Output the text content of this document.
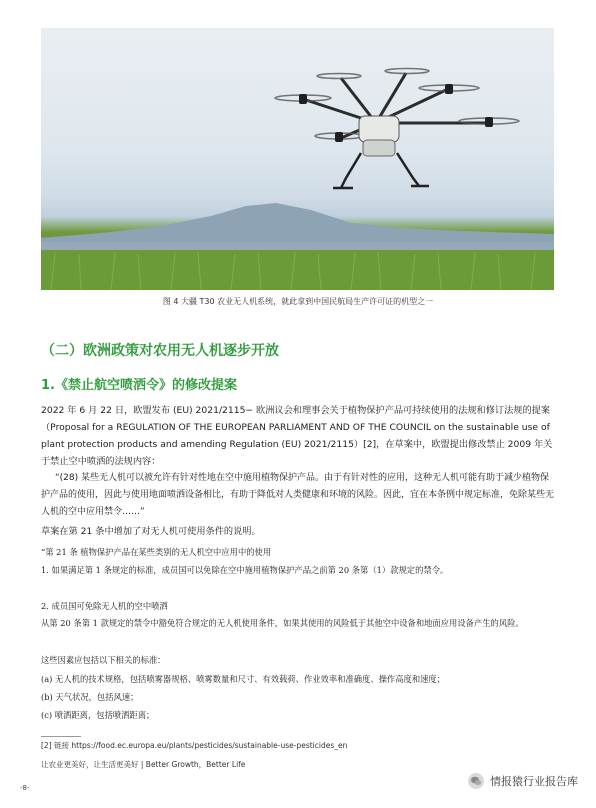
图 4 大疆 T30 农业无人机系统，就此拿到中国民航局生产许可证的机型之一
（二）欧洲政策对农用无人机逐步开放
1.《禁止航空喷洒令》的修改提案
2022 年 6 月 22 日，欧盟发布 (EU) 2021/2115− 欧洲议会和理事会关于植物保护产品可持续使用的法规和修订法规的提案（Proposal for a REGULATION OF THE EUROPEAN PARLIAMENT AND OF THE COUNCIL on the sustainable use of plant protection products and amending Regulation (EU) 2021/2115）[2]，在草案中，欧盟提出修改禁止 2009 年关于禁止空中喷洒的法规内容：
“(28) 某些无人机可以被允许有针对性地在空中施用植物保护产品。由于有针对性的应用，这种无人机可能有助于减少植物保护产品的使用，因此与使用地面喷洒设备相比，有助于降低对人类健康和环境的风险。因此，宜在本条例中规定标准，免除某些无人机的空中应用禁令……”
草案在第 21 条中增加了对无人机可使用条件的说明。
“第 21 条 植物保护产品在某些类别的无人机空中应用中的使用
1. 如果满足第 1 条规定的标准，成员国可以免除在空中施用植物保护产品之前第 20 条第（1）款规定的禁令。
2. 成员国可免除无人机的空中喷洒
从第 20 条第 1 款规定的禁令中豁免符合规定的无人机使用条件，如果其使用的风险低于其他空中设备和地面应用设备产生的风险。
这些因素应包括以下相关的标准：
(a) 无人机的技术规格，包括喷雾器规格、喷雾数量和尺寸、有效载荷、作业效率和准确度、操作高度和速度；
(b) 天气状况，包括风速；
(c) 喷洒距离，包括喷洒距离；
[2] 链接 https://food.ec.europa.eu/plants/pesticides/sustainable-use-pesticides_en
让农业更美好，让生活更美好 | Better Growth，Better Life
-8-	情报猿行业报告库
